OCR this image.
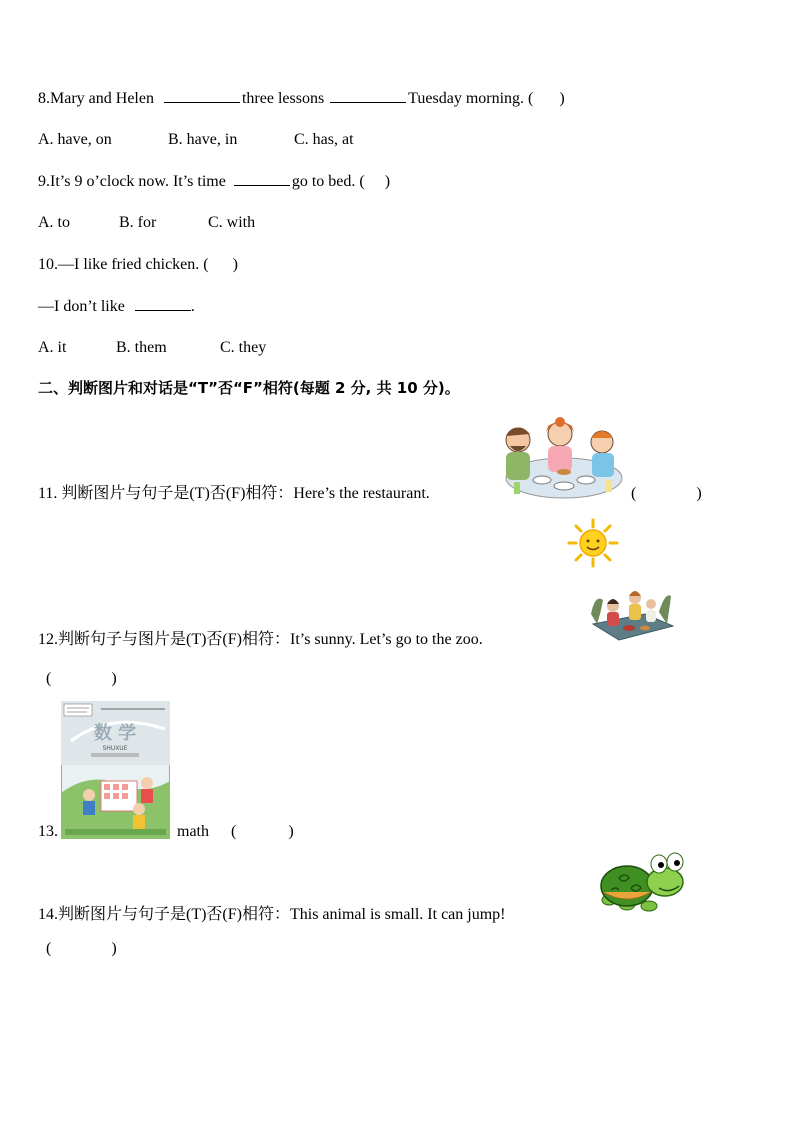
8.Mary and Helen	three lessons	Tuesday morning. ( )
A. have, on	B. have, in	C. has, at
9.It’s 9 o’clock now. It’s time	go to bed. ( )
A. to	B. for	C. with
10.—I like fried chicken. ( )
—I don’t like	.
A. it	B. them	C. they
二、判断图片和对话是“T”否“F”相符(每题 2 分, 共 10 分)。
11. 判断图片与句子是(T)否(F)相符：Here’s the restaurant.	(	)
12.判断句子与图片是(T)否(F)相符：It’s sunny. Let’s go to the zoo.
(	)
数 学
SHUXUE
13.	math (	)
14.判断图片与句子是(T)否(F)相符：This animal is small. It can jump!
(	)
